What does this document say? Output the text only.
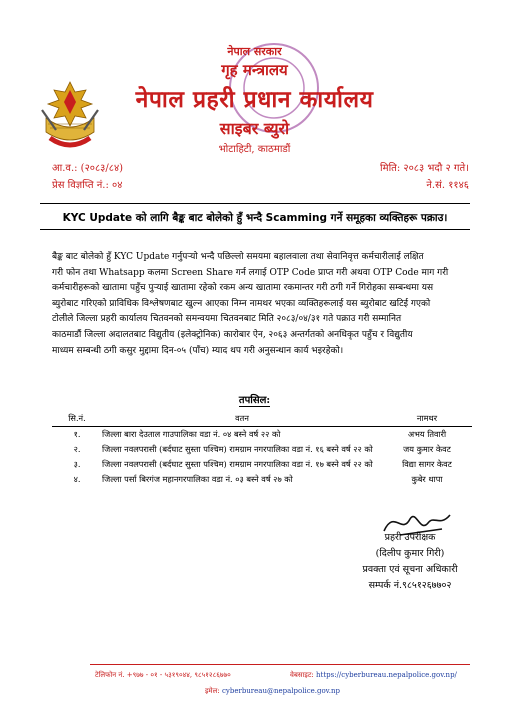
नेपाल सरकार
गृह मन्त्रालय
नेपाल प्रहरी प्रधान कार्यालय
साइबर ब्युरो
भोटाहिटी, काठमाडौं
आ.व.: (२०८३/८४)
प्रेस विज्ञप्ति नं.: ०४
मिति: २०८३ भदौ २ गते।
ने.सं. ११४६
KYC Update को लागि बैङ्क बाट बोलेको हुँ भन्दै Scamming गर्ने समूहका व्यक्तिहरू पक्राउ।
बैङ्क बाट बोलेको हुँ KYC Update गर्नुपर्‍यो भन्दै पछिल्लो समयमा बहालवाला तथा सेवानिवृत्त कर्मचारीलाई लक्षित
गरी फोन तथा Whatsapp कलमा Screen Share गर्न लगाई OTP Code प्राप्त गरी अथवा OTP Code माग गरी
कर्मचारीहरूको खातामा पहुँच पुर्‍याई खातामा रहेको रकम अन्य खातामा रकमान्तर गरी ठगी गर्ने गिरोहका सम्बन्धमा यस
ब्युरोबाट गरिएको प्राविधिक विश्लेषणबाट खुल्न आएका निम्न नामथर भएका व्यक्तिहरूलाई यस ब्युरोबाट खटिई गएको
टोलीले जिल्ला प्रहरी कार्यालय चितवनको समन्वयमा चितवनबाट मिति २०८३/०४/३१ गते पक्राउ गरी सम्मानित
काठमाडौं जिल्ला अदालतबाट विद्युतीय (इलेक्ट्रोनिक) कारोबार ऐन, २०६३ अन्तर्गतको अनधिकृत पहुँच र विद्युतीय
माध्यम सम्बन्धी ठगी कसुर मुद्दामा दिन-०५ (पाँच) म्याद थप गरी अनुसन्धान कार्य भइरहेको।
तपसिल:
सि.नं.	वतन	नामथर
१.	जिल्ला बारा देउताल गाउपालिका वडा नं. ०४ बस्ने वर्ष २२ को	अभय तिवारी
२.	जिल्ला नवलपरासी (बर्दघाट सुस्ता पश्चिम) रामग्राम नगरपालिका वडा नं. १६ बस्ने वर्ष २२ को	जय कुमार केवट
३.	जिल्ला नवलपरासी (बर्दघाट सुस्ता पश्चिम) रामग्राम नगरपालिका वडा नं. १७ बस्ने वर्ष २२ को	विद्या सागर केवट
४.	जिल्ला पर्सा बिरगंज महानगरपालिका वडा नं. ०३ बस्ने वर्ष २७ को	कुबेर थापा
प्रहरी उपरीक्षक
(दिलीप कुमार गिरी)
प्रवक्ता एवं सूचना अधिकारी
सम्पर्क नं.९८५१२६७७०२
टेलिफोन नं. +९७७ - ०१ - ५३१९०४४, ९८५१२८६७७०	वेबसाइट: https://cyberbureau.nepalpolice.gov.np/
इमेल: cyberbureau@nepalpolice.gov.np
